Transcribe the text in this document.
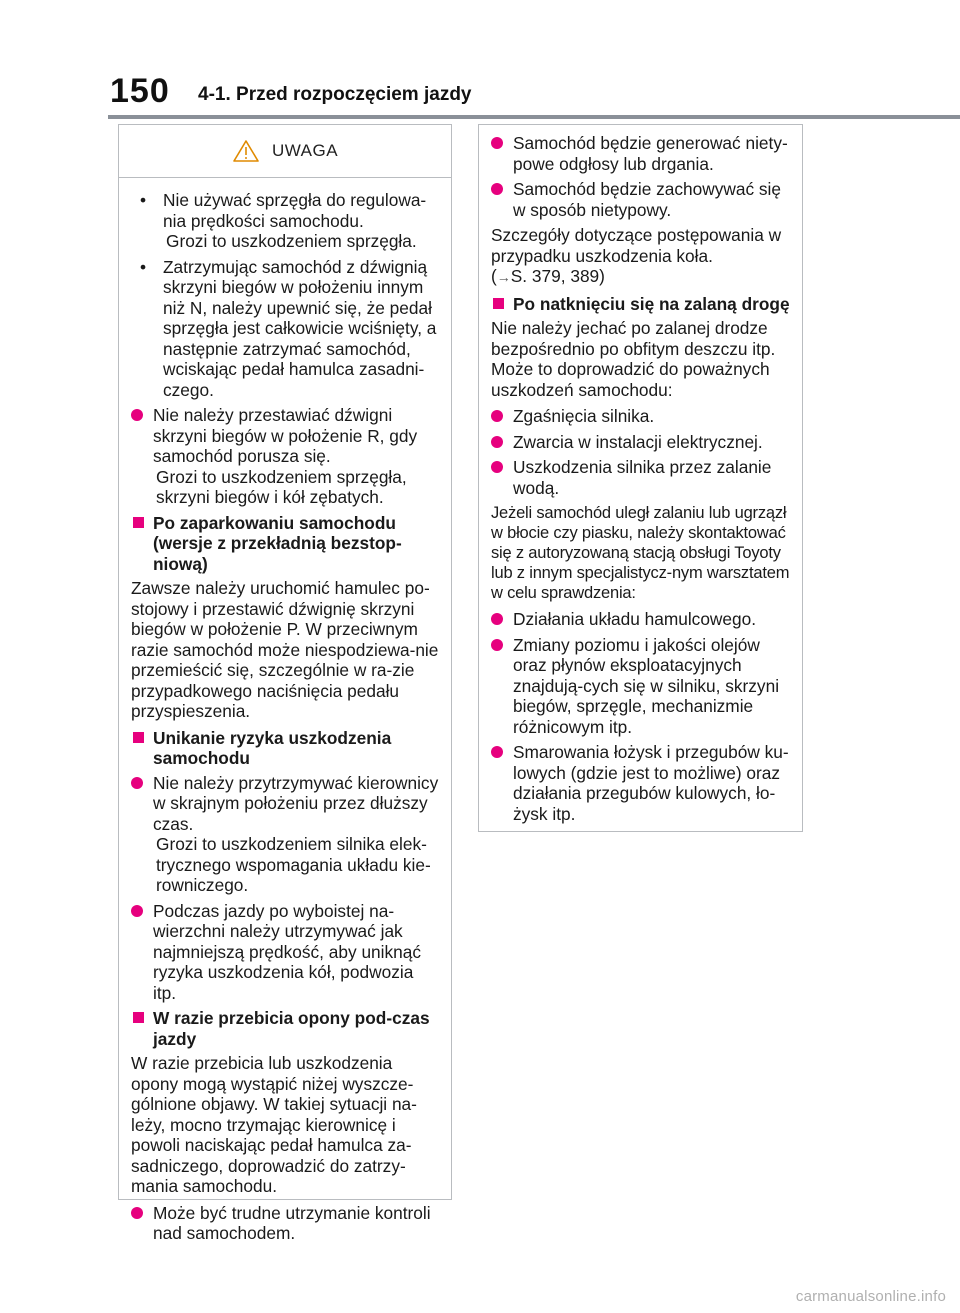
150 4-1. Przed rozpoczęciem jazdy
UWAGA
• Nie używać sprzęgła do regulowa-nia prędkości samochodu.
Grozi to uszkodzeniem sprzęgła.
• Zatrzymując samochód z dźwignią skrzyni biegów w położeniu innym niż N, należy upewnić się, że pedał sprzęgła jest całkowicie wciśnięty, a następnie zatrzymać samochód, wciskając pedał hamulca zasadni-czego.
Nie należy przestawiać dźwigni skrzyni biegów w położenie R, gdy samochód porusza się.
Grozi to uszkodzeniem sprzęgła, skrzyni biegów i kół zębatych.
Po zaparkowaniu samochodu (wersje z przekładnią bezstop-niową)

Zawsze należy uruchomić hamulec po-stojowy i przestawić dźwignię skrzyni biegów w położenie P. W przeciwnym razie samochód może niespodziewa-nie przemieścić się, szczególnie w ra-zie przypadkowego naciśnięcia pedału przyspieszenia.

Unikanie ryzyka uszkodzenia samochodu
Nie należy przytrzymywać kierownicy w skrajnym położeniu przez dłuższy czas.
Grozi to uszkodzeniem silnika elek-trycznego wspomagania układu kie-rowniczego.
Podczas jazdy po wyboistej na-wierzchni należy utrzymywać jak najmniejszą prędkość, aby uniknąć ryzyka uszkodzenia kół, podwozia itp.
W razie przebicia opony pod-czas jazdy

W razie przebicia lub uszkodzenia opony mogą wystąpić niżej wyszcze-gólnione objawy. W takiej sytuacji na-leży, mocno trzymając kierownicę i powoli naciskając pedał hamulca za-sadniczego, doprowadzić do zatrzy-mania samochodu.

Może być trudne utrzymanie kontroli nad samochodem.
Samochód będzie generować niety-powe odgłosy lub drgania.
Samochód będzie zachowywać się w sposób nietypowy.

Szczegóły dotyczące postępowania w przypadku uszkodzenia koła.
(→S. 379, 389)

Po natknięciu się na zalaną drogę

Nie należy jechać po zalanej drodze bezpośrednio po obfitym deszczu itp. Może to doprowadzić do poważnych uszkodzeń samochodu:

Zgaśnięcia silnika.
Zwarcia w instalacji elektrycznej.
Uszkodzenia silnika przez zalanie wodą.

Jeżeli samochód uległ zalaniu lub ugrzązł w błocie czy piasku, należy skontaktować się z autoryzowaną stacją obsługi Toyoty lub z innym specjalistycz-nym warsztatem w celu sprawdzenia:

Działania układu hamulcowego.
Zmiany poziomu i jakości olejów oraz płynów eksploatacyjnych znajdują-cych się w silniku, skrzyni biegów, sprzęgle, mechanizmie różnicowym itp.
Smarowania łożysk i przegubów ku-lowych (gdzie jest to możliwe) oraz działania przegubów kulowych, ło-żysk itp.
carmanualsonline.info
